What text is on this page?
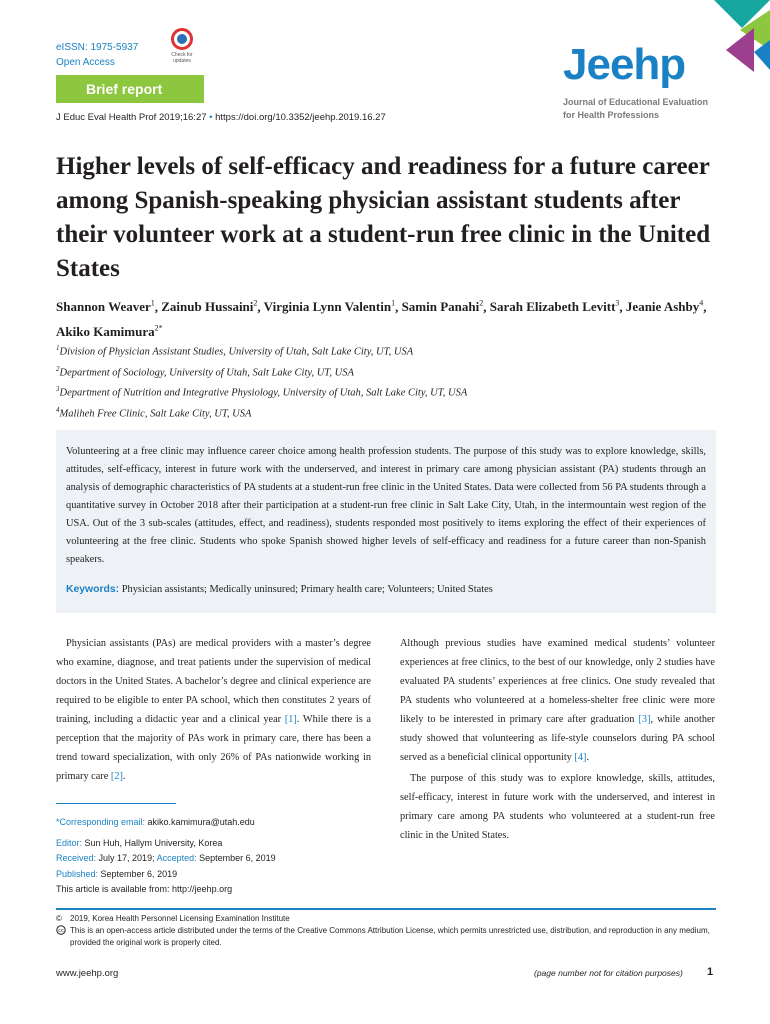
eISSN: 1975-5937
Open Access
Check for updates
Brief report
J Educ Eval Health Prof 2019;16:27 • https://doi.org/10.3352/jeehp.2019.16.27
Jeehp
Journal of Educational Evaluation
for Health Professions
Higher levels of self-efficacy and readiness for a future career among Spanish-speaking physician assistant students after their volunteer work at a student-run free clinic in the United States
Shannon Weaver$^1$, Zainub Hussaini$^2$, Virginia Lynn Valentin$^1$, Samin Panahi$^2$, Sarah Elizabeth Levitt$^3$, Jeanie Ashby$^4$, Akiko Kamimura$^{2*}$
$^1$Division of Physician Assistant Studies, University of Utah, Salt Lake City, UT, USA
$^2$Department of Sociology, University of Utah, Salt Lake City, UT, USA
$^3$Department of Nutrition and Integrative Physiology, University of Utah, Salt Lake City, UT, USA
$^4$Maliheh Free Clinic, Salt Lake City, UT, USA
Volunteering at a free clinic may influence career choice among health profession students. The purpose of this study was to explore knowledge, skills, attitudes, self-efficacy, interest in future work with the underserved, and interest in primary care among physician assistant (PA) students through an analysis of demographic characteristics of PA students at a student-run free clinic in the United States. Data were collected from 56 PA students through a quantitative survey in October 2018 after their participation at a student-run free clinic in Salt Lake City, Utah, in the intermountain west region of the USA. Out of the 3 sub-scales (attitudes, effect, and readiness), students responded most positively to items exploring the effect of their experiences of volunteering at the free clinic. Students who spoke Spanish showed higher levels of self-efficacy and readiness for a future career than non-Spanish speakers.
Keywords: Physician assistants; Medically uninsured; Primary health care; Volunteers; United States

Physician assistants (PAs) are medical providers with a master’s degree who examine, diagnose, and treat patients under the supervision of medical doctors in the United States. A bachelor’s degree and clinical experience are required to be eligible to enter PA school, which then constitutes 2 years of training, including a didactic year and a clinical year [1]. While there is a perception that the majority of PAs work in primary care, there has been a trend toward specialization, with only 26% of PAs nationwide working in primary care [2].

Although previous studies have examined medical students’ volunteer experiences at free clinics, to the best of our knowledge, only 2 studies have evaluated PA students’ experiences at free clinics. One study revealed that PA students who volunteered at a homeless-shelter free clinic were more likely to be interested in primary care after graduation [3], while another study showed that volunteering as life-style counselors during PA school served as a beneficial clinical opportunity [4].

The purpose of this study was to explore knowledge, skills, attitudes, self-efficacy, interest in future work with the underserved, and interest in primary care among PA students who volunteered at a student-run free clinic in the United States.

*Corresponding email: akiko.kamimura@utah.edu
Editor: Sun Huh, Hallym University, Korea
Received: July 17, 2019; Accepted: September 6, 2019
Published: September 6, 2019
This article is available from: http://jeehp.org
©	2019, Korea Health Personnel Licensing Examination Institute
cc This is an open-access article distributed under the terms of the Creative Commons Attribution License, which permits unrestricted use, distribution, and reproduction in any medium, provided the original work is properly cited.
www.jeehp.org	(page number not for citation purposes) 1
